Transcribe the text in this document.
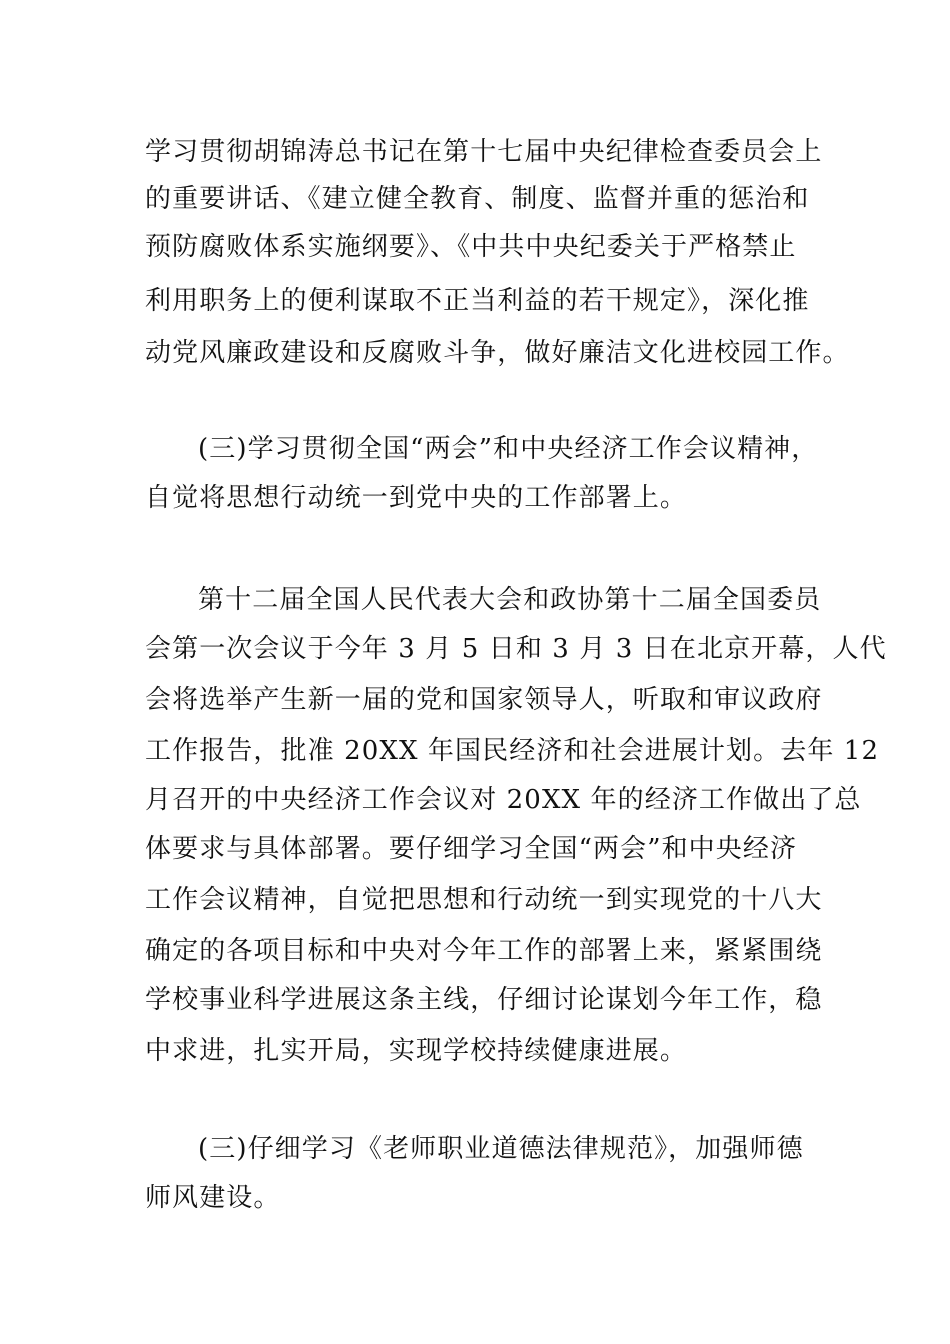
学习贯彻胡锦涛总书记在第十七届中央纪律检查委员会上
的重要讲话、《建立健全教育、制度、监督并重的惩治和
预防腐败体系实施纲要》、《中共中央纪委关于严格禁止
利用职务上的便利谋取不正当利益的若干规定》，深化推
动党风廉政建设和反腐败斗争，做好廉洁文化进校园工作。
(三)学习贯彻全国“两会”和中央经济工作会议精神，
自觉将思想行动统一到党中央的工作部署上。
第十二届全国人民代表大会和政协第十二届全国委员
会第一次会议于今年 3 月 5 日和 3 月 3 日在北京开幕，人代
会将选举产生新一届的党和国家领导人，听取和审议政府
工作报告，批准 20XX 年国民经济和社会进展计划。去年 12
月召开的中央经济工作会议对 20XX 年的经济工作做出了总
体要求与具体部署。要仔细学习全国“两会”和中央经济
工作会议精神，自觉把思想和行动统一到实现党的十八大
确定的各项目标和中央对今年工作的部署上来，紧紧围绕
学校事业科学进展这条主线，仔细讨论谋划今年工作，稳
中求进，扎实开局，实现学校持续健康进展。
(三)仔细学习《老师职业道德法律规范》，加强师德
师风建设。
